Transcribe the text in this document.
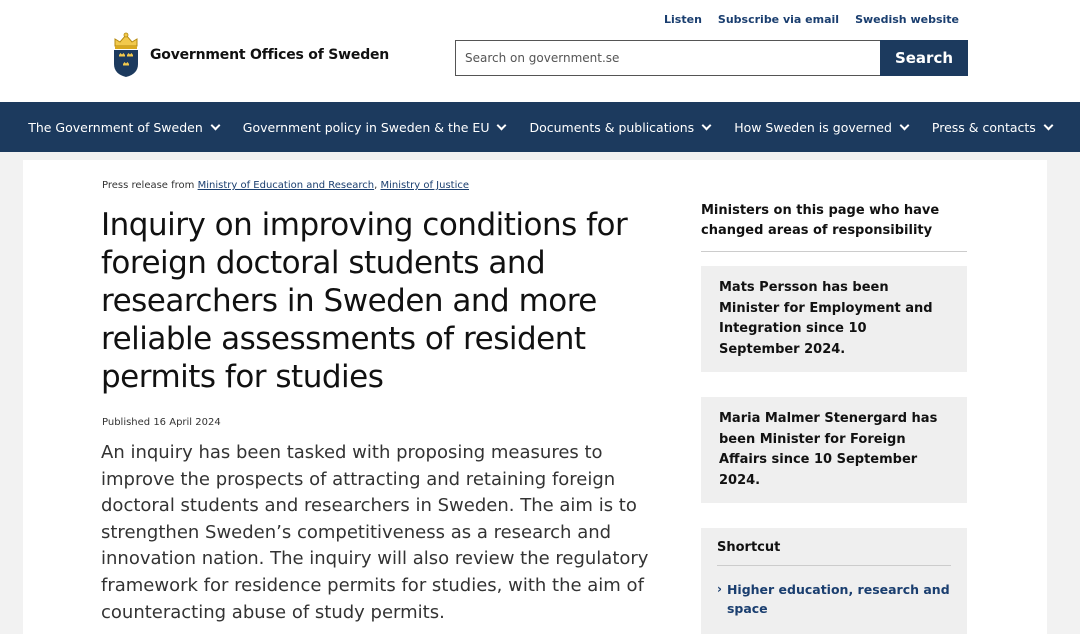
Listen Subscribe via email Swedish website
Government Offices of Sweden
Search on government.se	Search
The Government of Sweden	Government policy in Sweden & the EU	Documents & publications	How Sweden is governed	Press & contacts
Press release from Ministry of Education and Research, Ministry of Justice
Inquiry on improving conditions for foreign doctoral students and researchers in Sweden and more reliable assessments of resident permits for studies
Published 16 April 2024

An inquiry has been tasked with proposing measures to improve the prospects of attracting and retaining foreign doctoral students and researchers in Sweden. The aim is to strengthen Sweden’s competitiveness as a research and innovation nation. The inquiry will also review the regulatory framework for residence permits for studies, with the aim of counteracting abuse of study permits.

Ministers on this page who have changed areas of responsibility
Mats Persson has been Minister for Employment and Integration since 10 September 2024.
Maria Malmer Stenergard has been Minister for Foreign Affairs since 10 September 2024.
Shortcut
› Higher education, research and space
